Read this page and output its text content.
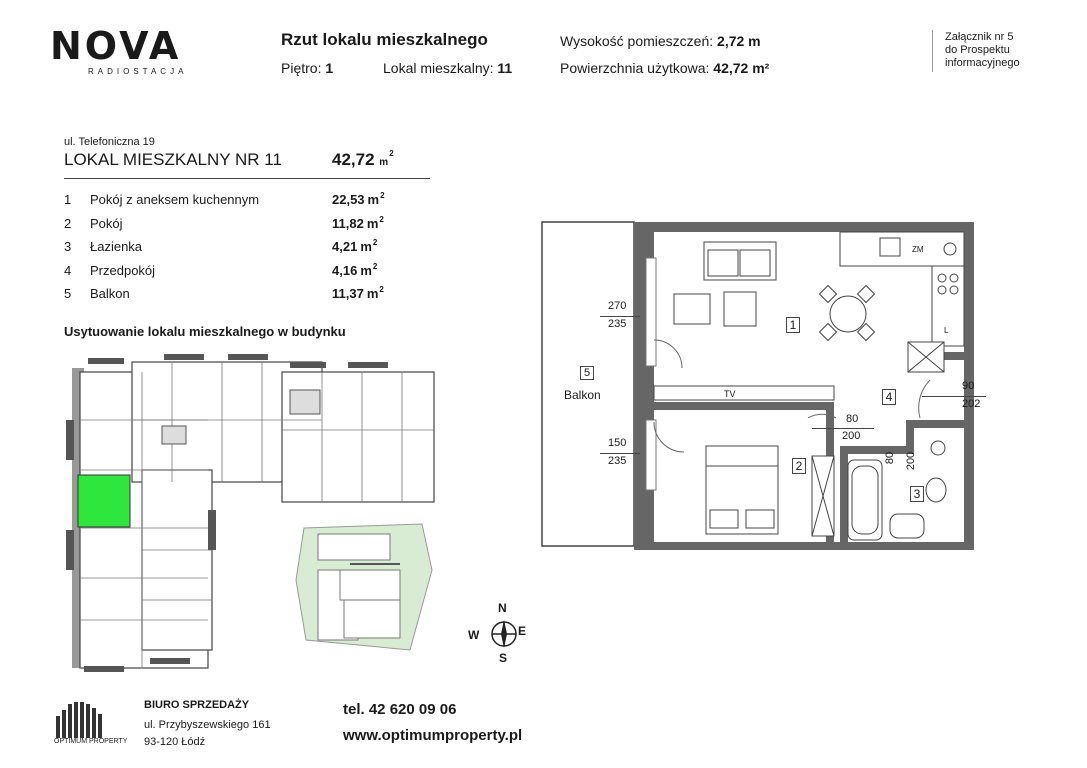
NOVA
RADIOSTACJA
Rzut lokalu mieszkalnego
Piętro: 1	Lokal mieszkalny: 11
Wysokość pomieszczeń: 2,72 m
Powierzchnia użytkowa: 42,72 m²
Załącznik nr 5
do Prospektu
informacyjnego
ul. Telefoniczna 19
LOKAL MIESZKALNY NR 11	42,72 $m^2$
1 Pokój z aneksem kuchennym	22,53 $m^2$
2 Pokój	11,82 $m^2$
3 Łazienka	4,21 $m^2$
4 Przedpokój	4,16 $m^2$
5 Balkon	11,37 $m^2$
Usytuowanie lokalu mieszkalnego w budynku
N
S
E
W
5
Balkon
270
235
150
235
90
202
80
200
80 200
TV
ZM
L
1
2
3
4
OPTIMUM PROPERTY
BIURO SPRZEDAŻY
ul. Przybyszewskiego 161
93-120 Łódź
tel. 42 620 09 06
www.optimumproperty.pl
